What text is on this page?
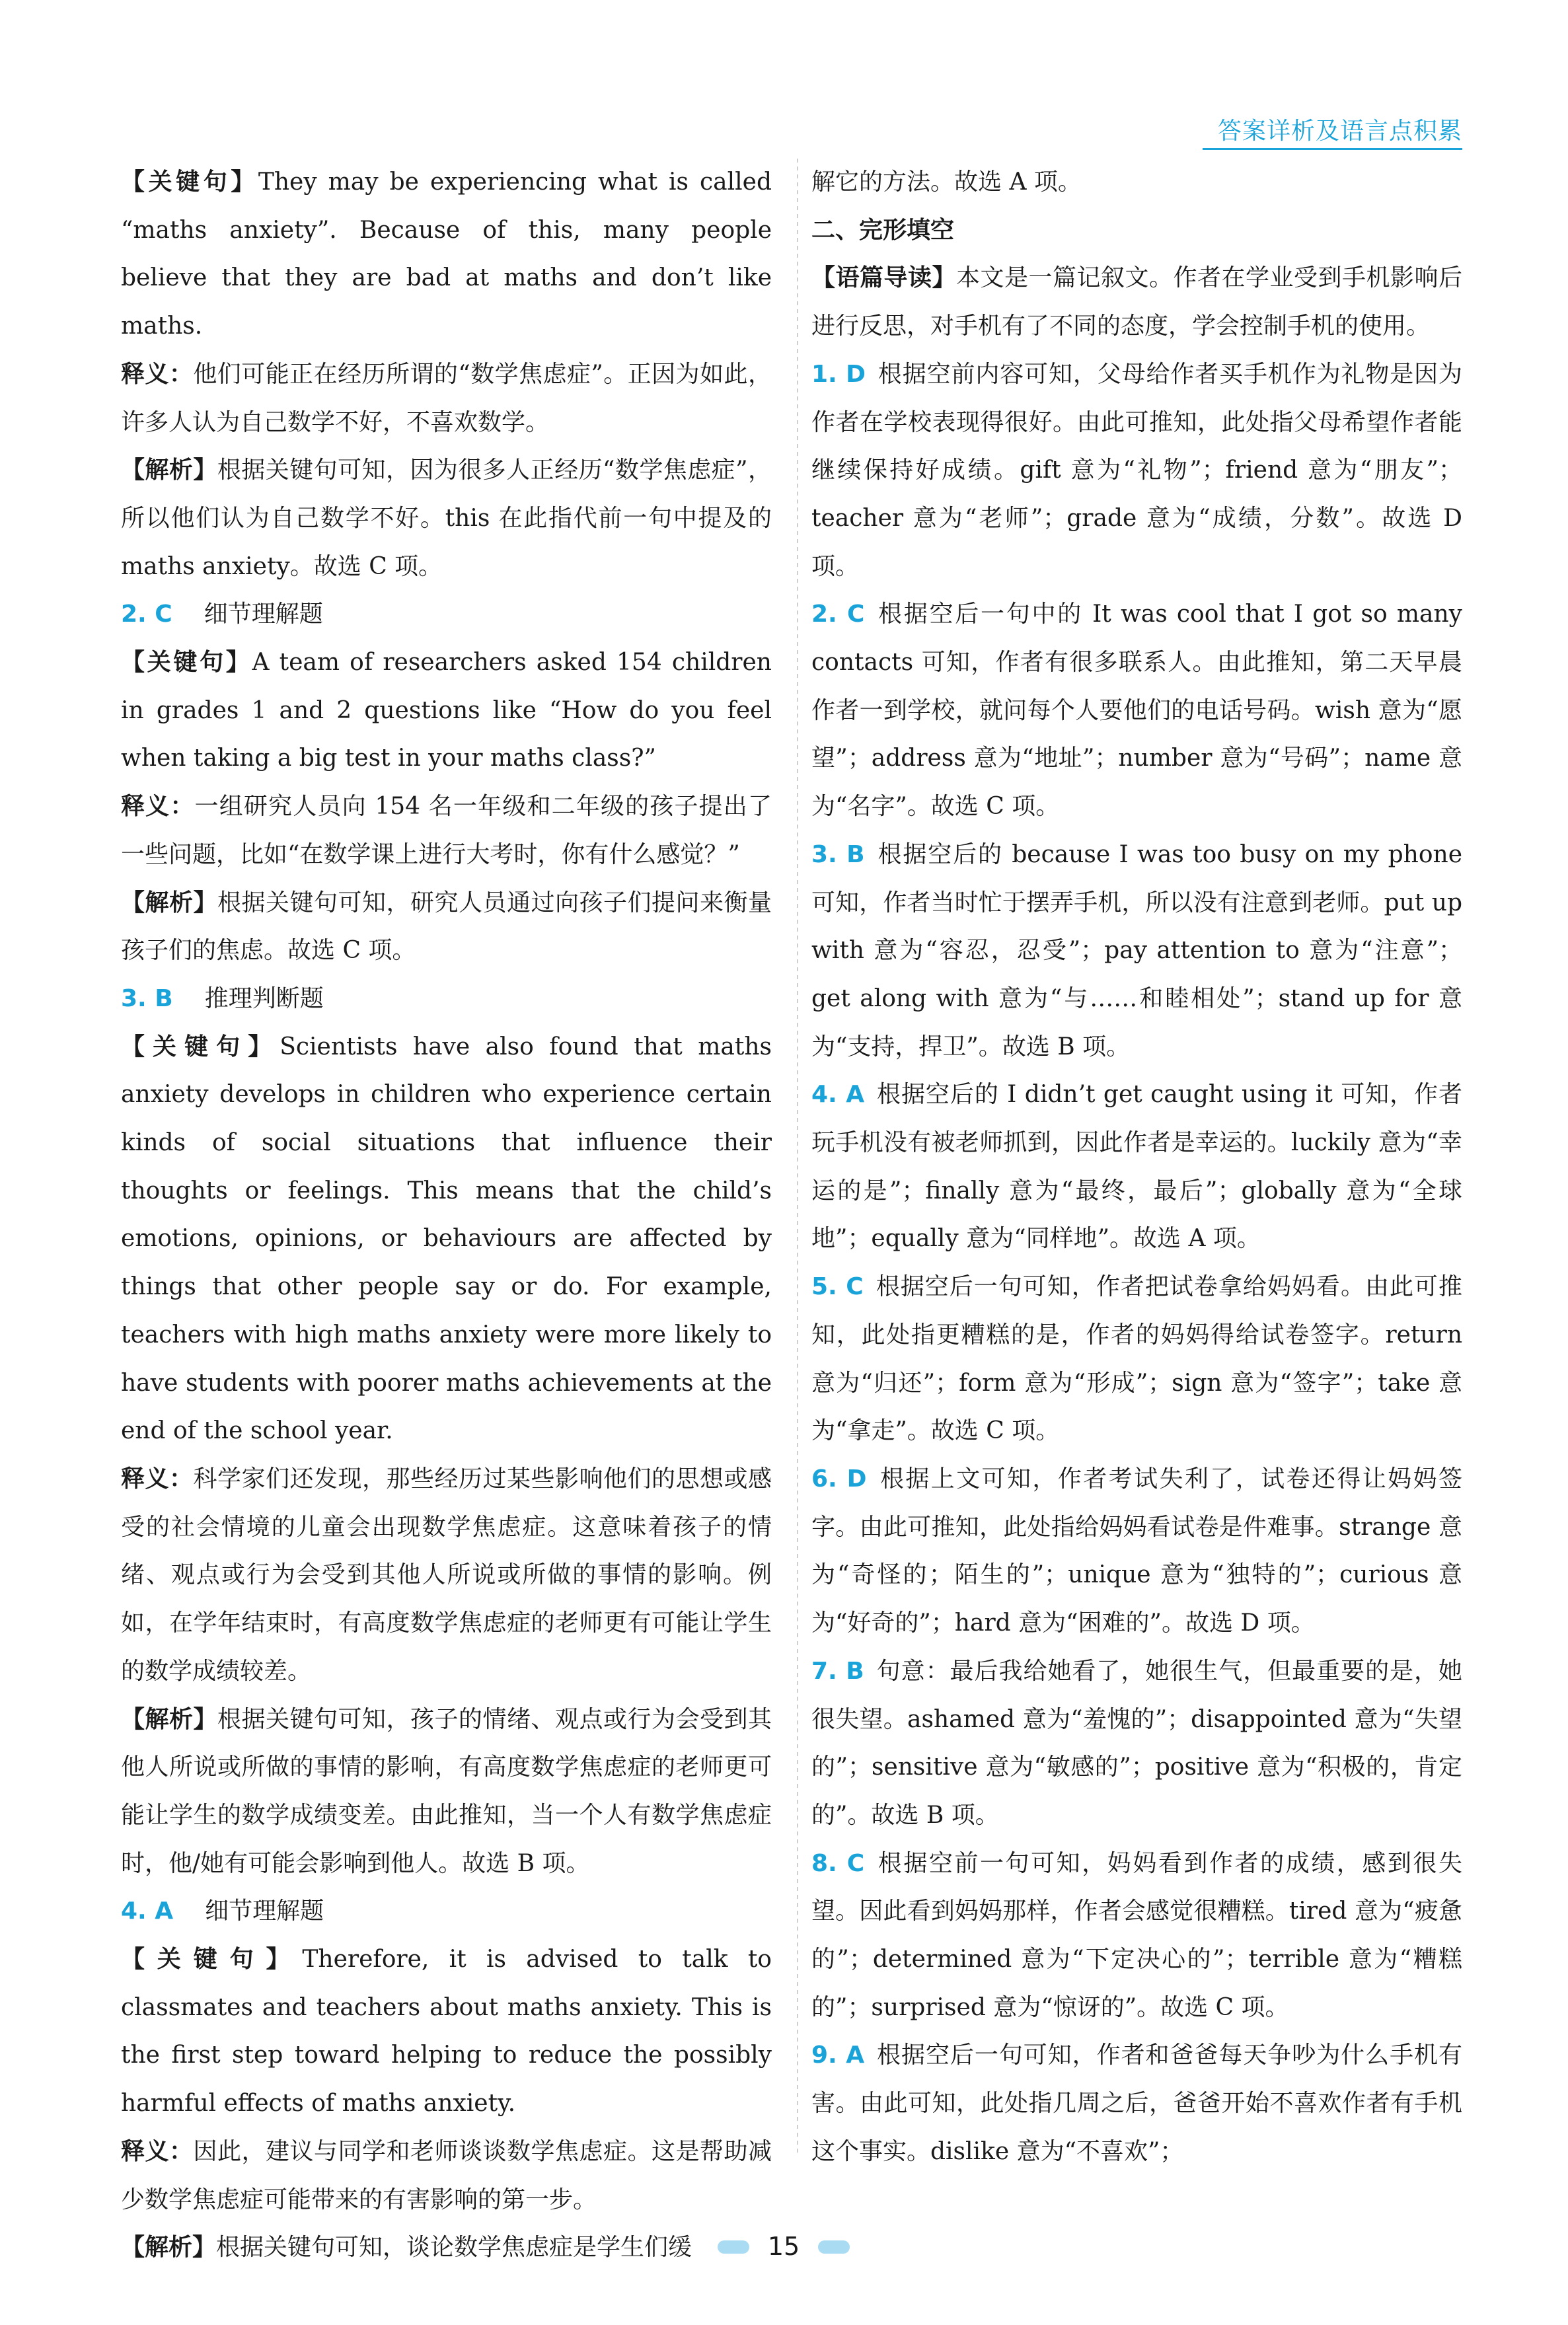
答案详析及语言点积累

【关键句】They may be experiencing what is called “maths anxiety”. Because of this, many people believe that they are bad at maths and don’t like maths.

释义：他们可能正在经历所谓的“数学焦虑症”。正因为如此，许多人认为自己数学不好，不喜欢数学。

【解析】根据关键句可知，因为很多人正经历“数学焦虑症”，所以他们认为自己数学不好。this 在此指代前一句中提及的 maths anxiety。故选 C 项。

2. C 细节理解题

【关键句】A team of researchers asked 154 children in grades 1 and 2 questions like “How do you feel when taking a big test in your maths class?”

释义：一组研究人员向 154 名一年级和二年级的孩子提出了一些问题，比如“在数学课上进行大考时，你有什么感觉？”

【解析】根据关键句可知，研究人员通过向孩子们提问来衡量孩子们的焦虑。故选 C 项。

3. B 推理判断题

【关键句】Scientists have also found that maths anxiety develops in children who experience certain kinds of social situations that influence their thoughts or feelings. This means that the child’s emotions, opinions, or behaviours are affected by things that other people say or do. For example, teachers with high maths anxiety were more likely to have students with poorer maths achievements at the end of the school year.

释义：科学家们还发现，那些经历过某些影响他们的思想或感受的社会情境的儿童会出现数学焦虑症。这意味着孩子的情绪、观点或行为会受到其他人所说或所做的事情的影响。例如，在学年结束时，有高度数学焦虑症的老师更有可能让学生的数学成绩较差。

【解析】根据关键句可知，孩子的情绪、观点或行为会受到其他人所说或所做的事情的影响，有高度数学焦虑症的老师更可能让学生的数学成绩变差。由此推知，当一个人有数学焦虑症时，他/她有可能会影响到他人。故选 B 项。

4. A 细节理解题

【关键句】Therefore, it is advised to talk to classmates and teachers about maths anxiety. This is the first step toward helping to reduce the possibly harmful effects of maths anxiety.

释义：因此，建议与同学和老师谈谈数学焦虑症。这是帮助减少数学焦虑症可能带来的有害影响的第一步。

【解析】根据关键句可知，谈论数学焦虑症是学生们缓

解它的方法。故选 A 项。

二、完形填空

【语篇导读】本文是一篇记叙文。作者在学业受到手机影响后进行反思，对手机有了不同的态度，学会控制手机的使用。

1. D 根据空前内容可知，父母给作者买手机作为礼物是因为作者在学校表现得很好。由此可推知，此处指父母希望作者能继续保持好成绩。gift 意为“礼物”；friend 意为“朋友”；teacher 意为“老师”；grade 意为“成绩，分数”。故选 D 项。

2. C 根据空后一句中的 It was cool that I got so many contacts 可知，作者有很多联系人。由此推知，第二天早晨作者一到学校，就问每个人要他们的电话号码。wish 意为“愿望”；address 意为“地址”；number 意为“号码”；name 意为“名字”。故选 C 项。

3. B 根据空后的 because I was too busy on my phone 可知，作者当时忙于摆弄手机，所以没有注意到老师。put up with 意为“容忍，忍受”；pay attention to 意为“注意”；get along with 意为“与……和睦相处”；stand up for 意为“支持，捍卫”。故选 B 项。

4. A 根据空后的 I didn’t get caught using it 可知，作者玩手机没有被老师抓到，因此作者是幸运的。luckily 意为“幸运的是”；finally 意为“最终，最后”；globally 意为“全球地”；equally 意为“同样地”。故选 A 项。

5. C 根据空后一句可知，作者把试卷拿给妈妈看。由此可推知，此处指更糟糕的是，作者的妈妈得给试卷签字。return 意为“归还”；form 意为“形成”；sign 意为“签字”；take 意为“拿走”。故选 C 项。

6. D 根据上文可知，作者考试失利了，试卷还得让妈妈签字。由此可推知，此处指给妈妈看试卷是件难事。strange 意为“奇怪的；陌生的”；unique 意为“独特的”；curious 意为“好奇的”；hard 意为“困难的”。故选 D 项。

7. B 句意：最后我给她看了，她很生气，但最重要的是，她很失望。ashamed 意为“羞愧的”；disappointed 意为“失望的”；sensitive 意为“敏感的”；positive 意为“积极的，肯定的”。故选 B 项。

8. C 根据空前一句可知，妈妈看到作者的成绩，感到很失望。因此看到妈妈那样，作者会感觉很糟糕。tired 意为“疲惫的”；determined 意为“下定决心的”；terrible 意为“糟糕的”；surprised 意为“惊讶的”。故选 C 项。

9. A 根据空后一句可知，作者和爸爸每天争吵为什么手机有害。由此可知，此处指几周之后，爸爸开始不喜欢作者有手机这个事实。dislike 意为“不喜欢”；

15
